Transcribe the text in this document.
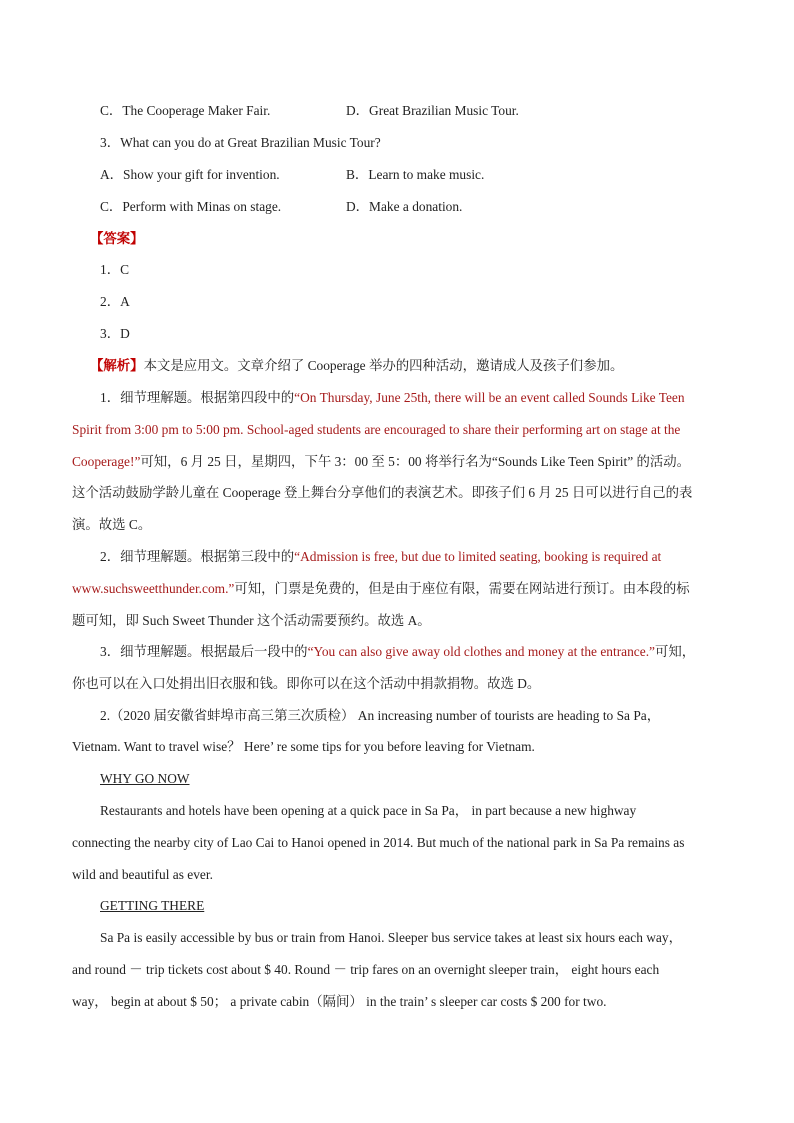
C．The Cooperage Maker Fair.	D．Great Brazilian Music Tour.
3．What can you do at Great Brazilian Music Tour?
A．Show your gift for invention.	B．Learn to make music.
C．Perform with Minas on stage.	D．Make a donation.
【答案】
1．C
2．A
3．D
【解析】本文是应用文。文章介绍了 Cooperage 举办的四种活动，邀请成人及孩子们参加。
1．细节理解题。根据第四段中的“On Thursday, June 25th, there will be an event called Sounds Like Teen
Spirit from 3:00 pm to 5:00 pm. School-aged students are encouraged to share their performing art on stage at the
Cooperage!”可知，6 月 25 日，星期四，下午 3：00 至 5：00 将举行名为“Sounds Like Teen Spirit” 的活动。
这个活动鼓励学龄儿童在 Cooperage 登上舞台分享他们的表演艺术。即孩子们 6 月 25 日可以进行自己的表
演。故选 C。
2．细节理解题。根据第三段中的“Admission is free, but due to limited seating, booking is required at
www.suchsweetthunder.com.”可知，门票是免费的，但是由于座位有限，需要在网站进行预订。由本段的标
题可知，即 Such Sweet Thunder 这个活动需要预约。故选 A。
3．细节理解题。根据最后一段中的“You can also give away old clothes and money at the entrance.”可知，
你也可以在入口处捐出旧衣服和钱。即你可以在这个活动中捐款捐物。故选 D。
2.（2020 届安徽省蚌埠市高三第三次质检） An increasing number of tourists are heading to Sa Pa，
Vietnam. Want to travel wise？ Here’ re some tips for you before leaving for Vietnam.
WHY GO NOW
Restaurants and hotels have been opening at a quick pace in Sa Pa， in part because a new highway
connecting the nearby city of Lao Cai to Hanoi opened in 2014. But much of the national park in Sa Pa remains as
wild and beautiful as ever.
GETTING THERE
Sa Pa is easily accessible by bus or train from Hanoi. Sleeper bus service takes at least six hours each way，
and round － trip tickets cost about $ 40. Round － trip fares on an overnight sleeper train， eight hours each
way， begin at about $ 50； a private cabin（隔间） in the train’ s sleeper car costs $ 200 for two.
